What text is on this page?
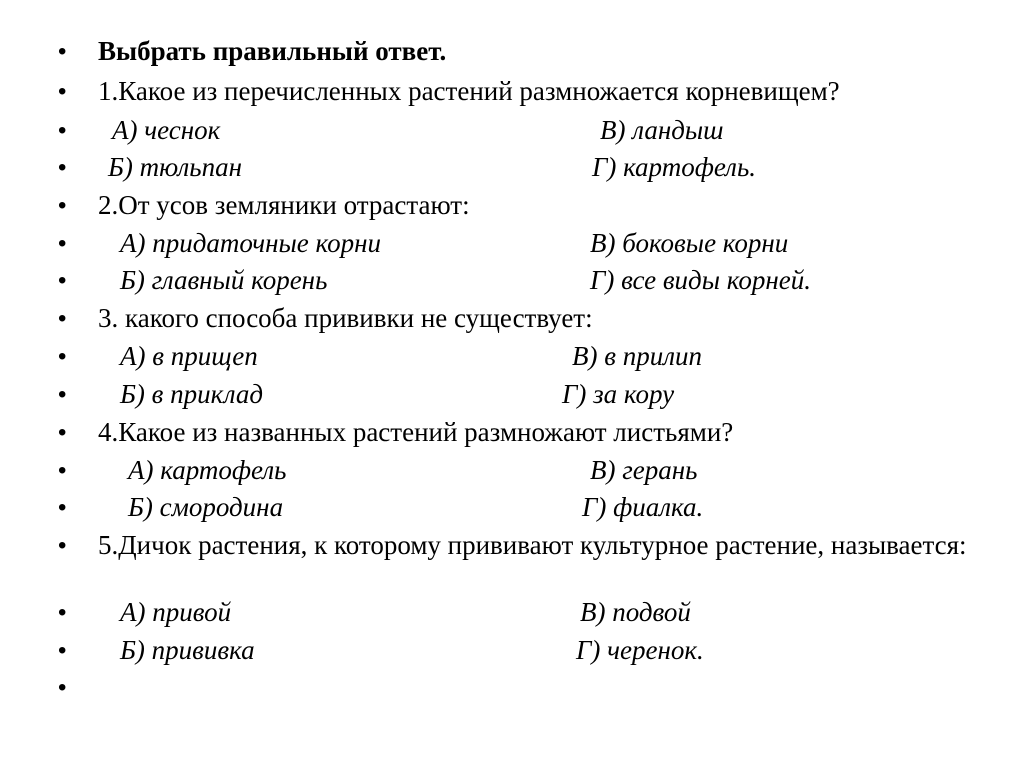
• Выбрать правильный ответ.
• 1.Какое из перечисленных растений размножается корневищем?
• А) чеснок	В) ландыш
• Б) тюльпан	Г) картофель.
• 2.От усов земляники отрастают:
• А) придаточные корни	В) боковые корни
• Б) главный корень	Г) все виды корней.
• 3. какого способа прививки не существует:
• А) в прищеп	В) в прилип
• Б) в приклад	Г) за кору
• 4.Какое из названных растений размножают листьями?
• А) картофель	В) герань
• Б) смородина	Г) фиалка.
• 5.Дичок растения, к которому прививают культурное растение, называется:
• А) привой	В) подвой
• Б) прививка	Г) черенок.
•
